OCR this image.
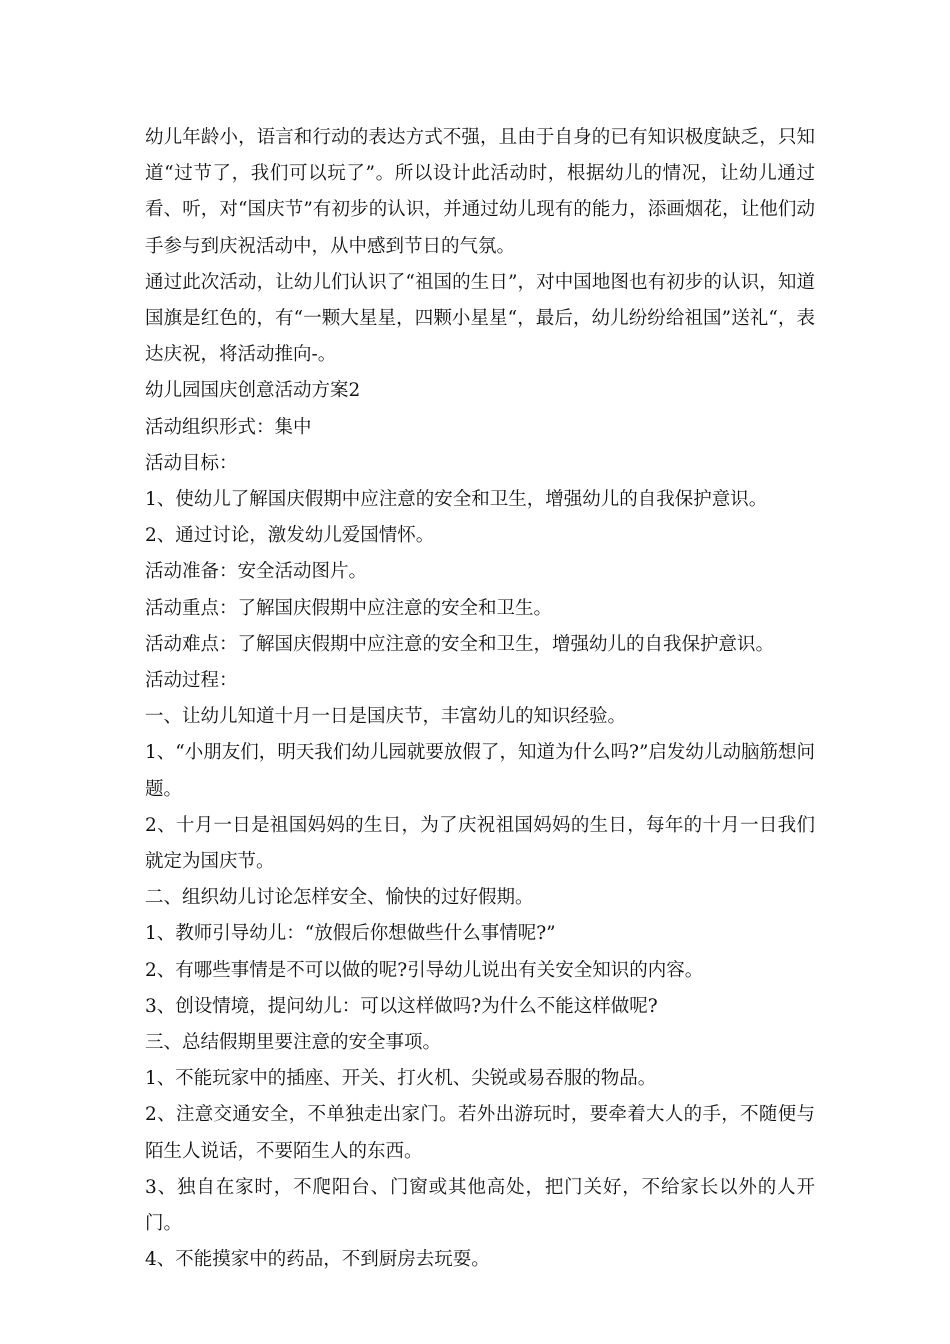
幼儿年龄小，语言和行动的表达方式不强，且由于自身的已有知识极度缺乏，只知道“过节了，我们可以玩了”。所以设计此活动时，根据幼儿的情况，让幼儿通过看、听，对“国庆节”有初步的认识，并通过幼儿现有的能力，添画烟花，让他们动手参与到庆祝活动中，从中感到节日的气氛。

通过此次活动，让幼儿们认识了“祖国的生日”，对中国地图也有初步的认识，知道国旗是红色的，有“一颗大星星，四颗小星星“，最后，幼儿纷纷给祖国”送礼“，表达庆祝，将活动推向-。

幼儿园国庆创意活动方案2

活动组织形式：集中

活动目标：

1、使幼儿了解国庆假期中应注意的安全和卫生，增强幼儿的自我保护意识。

2、通过讨论，激发幼儿爱国情怀。

活动准备：安全活动图片。

活动重点：了解国庆假期中应注意的安全和卫生。

活动难点：了解国庆假期中应注意的安全和卫生，增强幼儿的自我保护意识。

活动过程：

一、让幼儿知道十月一日是国庆节，丰富幼儿的知识经验。

1、“小朋友们，明天我们幼儿园就要放假了，知道为什么吗?”启发幼儿动脑筋想问题。

2、十月一日是祖国妈妈的生日，为了庆祝祖国妈妈的生日，每年的十月一日我们就定为国庆节。

二、组织幼儿讨论怎样安全、愉快的过好假期。

1、教师引导幼儿：“放假后你想做些什么事情呢?”

2、有哪些事情是不可以做的呢?引导幼儿说出有关安全知识的内容。

3、创设情境，提问幼儿：可以这样做吗?为什么不能这样做呢?

三、总结假期里要注意的安全事项。

1、不能玩家中的插座、开关、打火机、尖锐或易吞服的物品。

2、注意交通安全，不单独走出家门。若外出游玩时，要牵着大人的手，不随便与陌生人说话，不要陌生人的东西。

3、独自在家时，不爬阳台、门窗或其他高处，把门关好，不给家长以外的人开门。

4、不能摸家中的药品，不到厨房去玩耍。
